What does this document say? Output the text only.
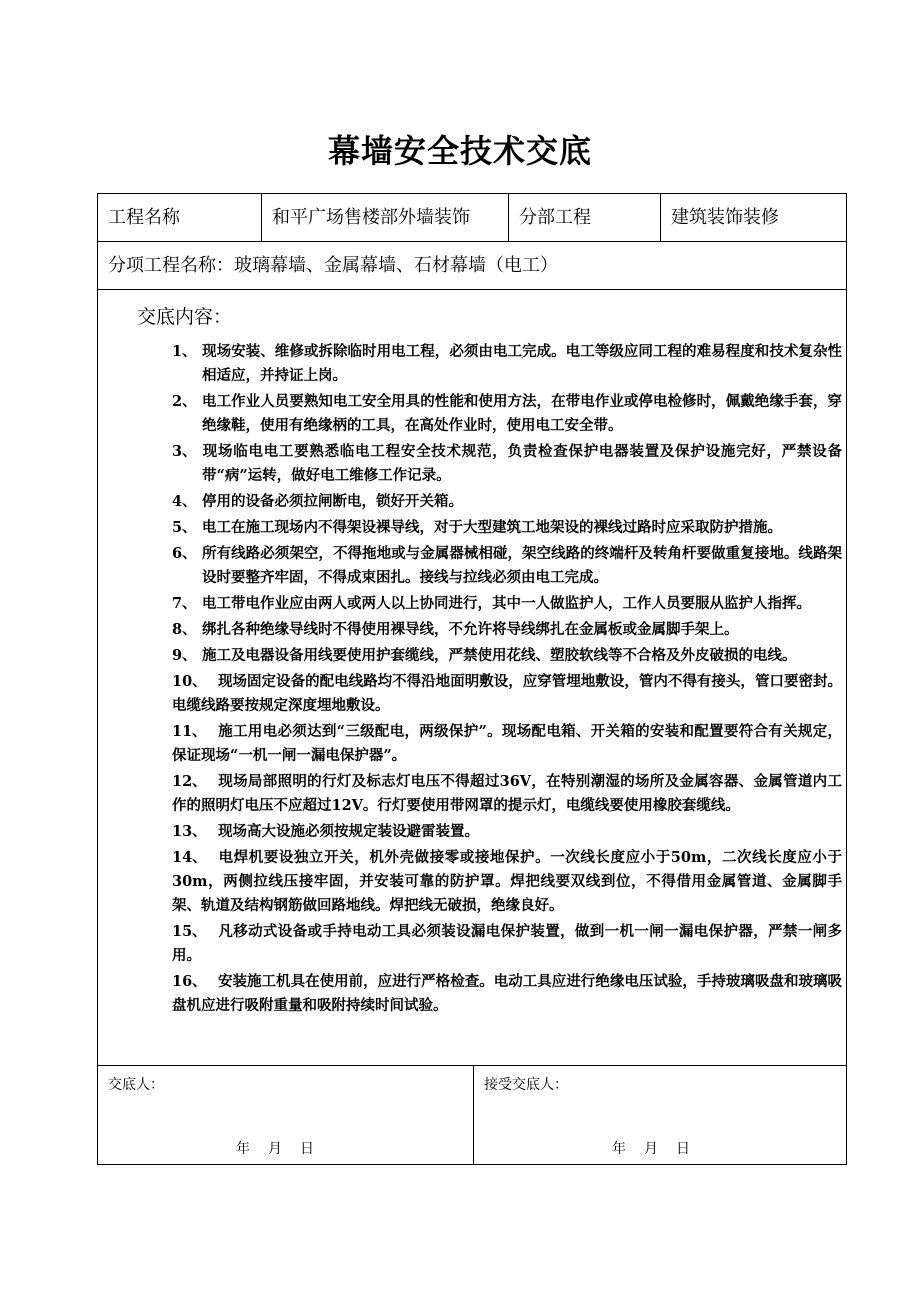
幕墙安全技术交底
工程名称	和平广场售楼部外墙装饰	分部工程	建筑装饰装修
分项工程名称：玻璃幕墙、金属幕墙、石材幕墙（电工）
交底内容：
1、 现场安装、维修或拆除临时用电工程，必须由电工完成。电工等级应同工程的难易程度和技术复杂性相适应，并持证上岗。
2、 电工作业人员要熟知电工安全用具的性能和使用方法，在带电作业或停电检修时，佩戴绝缘手套，穿绝缘鞋，使用有绝缘柄的工具，在高处作业时，使用电工安全带。
3、 现场临电电工要熟悉临电工程安全技术规范，负责检查保护电器装置及保护设施完好，严禁设备带“病”运转，做好电工维修工作记录。
4、 停用的设备必须拉闸断电，锁好开关箱。
5、 电工在施工现场内不得架设裸导线，对于大型建筑工地架设的裸线过路时应采取防护措施。
6、 所有线路必须架空，不得拖地或与金属器械相碰，架空线路的终端杆及转角杆要做重复接地。线路架设时要整齐牢固，不得成束困扎。接线与拉线必须由电工完成。
7、 电工带电作业应由两人或两人以上协同进行，其中一人做监护人，工作人员要服从监护人指挥。
8、 绑扎各种绝缘导线时不得使用裸导线，不允许将导线绑扎在金属板或金属脚手架上。
9、 施工及电器设备用线要使用护套缆线，严禁使用花线、塑胶软线等不合格及外皮破损的电线。
10、 现场固定设备的配电线路均不得沿地面明敷设，应穿管埋地敷设，管内不得有接头，管口要密封。电缆线路要按规定深度埋地敷设。
11、 施工用电必须达到“三级配电，两级保护”。现场配电箱、开关箱的安装和配置要符合有关规定，保证现场“一机一闸一漏电保护器”。
12、 现场局部照明的行灯及标志灯电压不得超过36V，在特别潮湿的场所及金属容器、金属管道内工作的照明灯电压不应超过12V。行灯要使用带网罩的提示灯，电缆线要使用橡胶套缆线。
13、 现场高大设施必须按规定装设避雷装置。
14、 电焊机要设独立开关，机外壳做接零或接地保护。一次线长度应小于50m，二次线长度应小于30m，两侧拉线压接牢固，并安装可靠的防护罩。焊把线要双线到位，不得借用金属管道、金属脚手架、轨道及结构钢筋做回路地线。焊把线无破损，绝缘良好。
15、 凡移动式设备或手持电动工具必须装设漏电保护装置，做到一机一闸一漏电保护器，严禁一闸多用。
16、 安装施工机具在使用前，应进行严格检查。电动工具应进行绝缘电压试验，手持玻璃吸盘和玻璃吸盘机应进行吸附重量和吸附持续时间试验。
交底人：
年 月 日
接受交底人：
年 月 日
